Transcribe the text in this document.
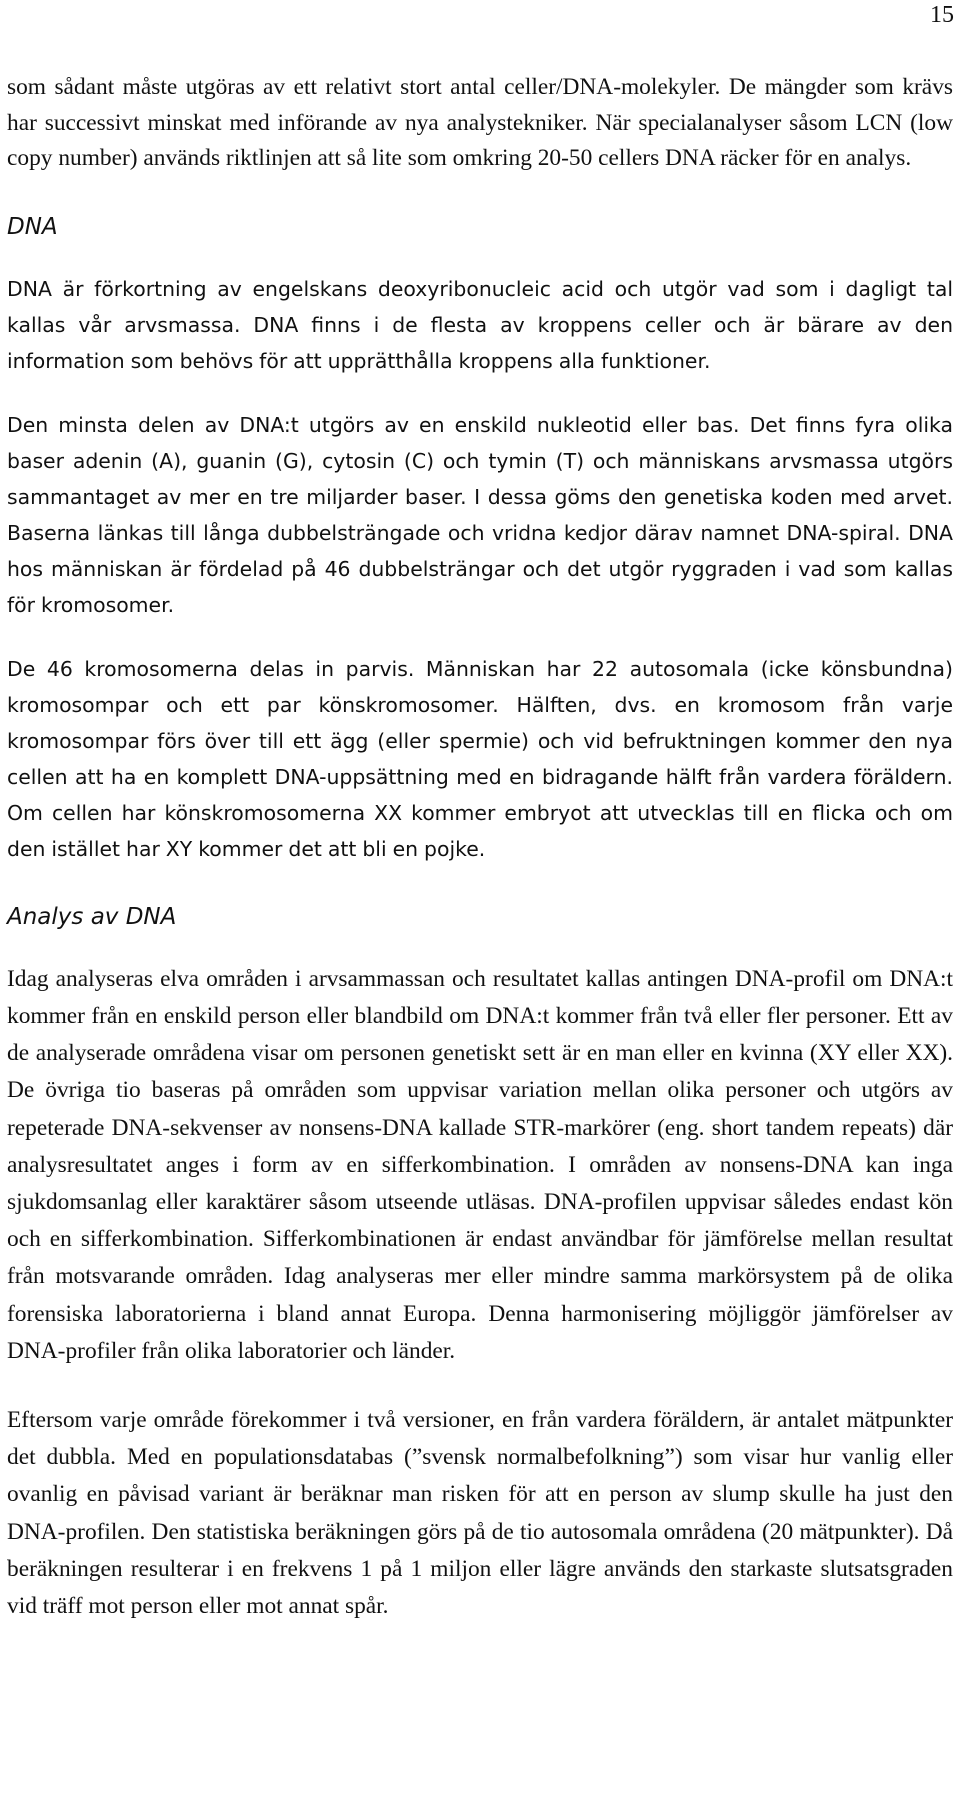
15

som sådant måste utgöras av ett relativt stort antal celler/DNA-molekyler. De mängder som krävs har successivt minskat med införande av nya analystekniker. När specialanalyser såsom LCN (low copy number) används riktlinjen att så lite som omkring 20-50 cellers DNA räcker för en analys.

DNA

DNA är förkortning av engelskans deoxyribonucleic acid och utgör vad som i dagligt tal kallas vår arvsmassa. DNA finns i de flesta av kroppens celler och är bärare av den information som behövs för att upprätthålla kroppens alla funktioner.

Den minsta delen av DNA:t utgörs av en enskild nukleotid eller bas. Det finns fyra olika baser adenin (A), guanin (G), cytosin (C) och tymin (T) och människans arvsmassa utgörs sammantaget av mer en tre miljarder baser. I dessa göms den genetiska koden med arvet. Baserna länkas till långa dubbelsträngade och vridna kedjor därav namnet DNA-spiral. DNA hos människan är fördelad på 46 dubbelsträngar och det utgör ryggraden i vad som kallas för kromosomer.

De 46 kromosomerna delas in parvis. Människan har 22 autosomala (icke könsbundna) kromosompar och ett par könskromosomer. Hälften, dvs. en kromosom från varje kromosompar förs över till ett ägg (eller spermie) och vid befruktningen kommer den nya cellen att ha en komplett DNA-uppsättning med en bidragande hälft från vardera föräldern. Om cellen har könskromosomerna XX kommer embryot att utvecklas till en flicka och om den istället har XY kommer det att bli en pojke.

Analys av DNA

Idag analyseras elva områden i arvsammassan och resultatet kallas antingen DNA-profil om DNA:t kommer från en enskild person eller blandbild om DNA:t kommer från två eller fler personer. Ett av de analyserade områdena visar om personen genetiskt sett är en man eller en kvinna (XY eller XX). De övriga tio baseras på områden som uppvisar variation mellan olika personer och utgörs av repeterade DNA-sekvenser av nonsens-DNA kallade STR-markörer (eng. short tandem repeats) där analysresultatet anges i form av en sifferkombination. I områden av nonsens-DNA kan inga sjukdomsanlag eller karaktärer såsom utseende utläsas. DNA-profilen uppvisar således endast kön och en sifferkombination. Sifferkombinationen är endast användbar för jämförelse mellan resultat från motsvarande områden. Idag analyseras mer eller mindre samma markörsystem på de olika forensiska laboratorierna i bland annat Europa. Denna harmonisering möjliggör jämförelser av DNA-profiler från olika laboratorier och länder.

Eftersom varje område förekommer i två versioner, en från vardera föräldern, är antalet mätpunkter det dubbla. Med en populationsdatabas (”svensk normalbefolkning”) som visar hur vanlig eller ovanlig en påvisad variant är beräknar man risken för att en person av slump skulle ha just den DNA-profilen. Den statistiska beräkningen görs på de tio autosomala områdena (20 mätpunkter). Då beräkningen resulterar i en frekvens 1 på 1 miljon eller lägre används den starkaste slutsatsgraden vid träff mot person eller mot annat spår.
